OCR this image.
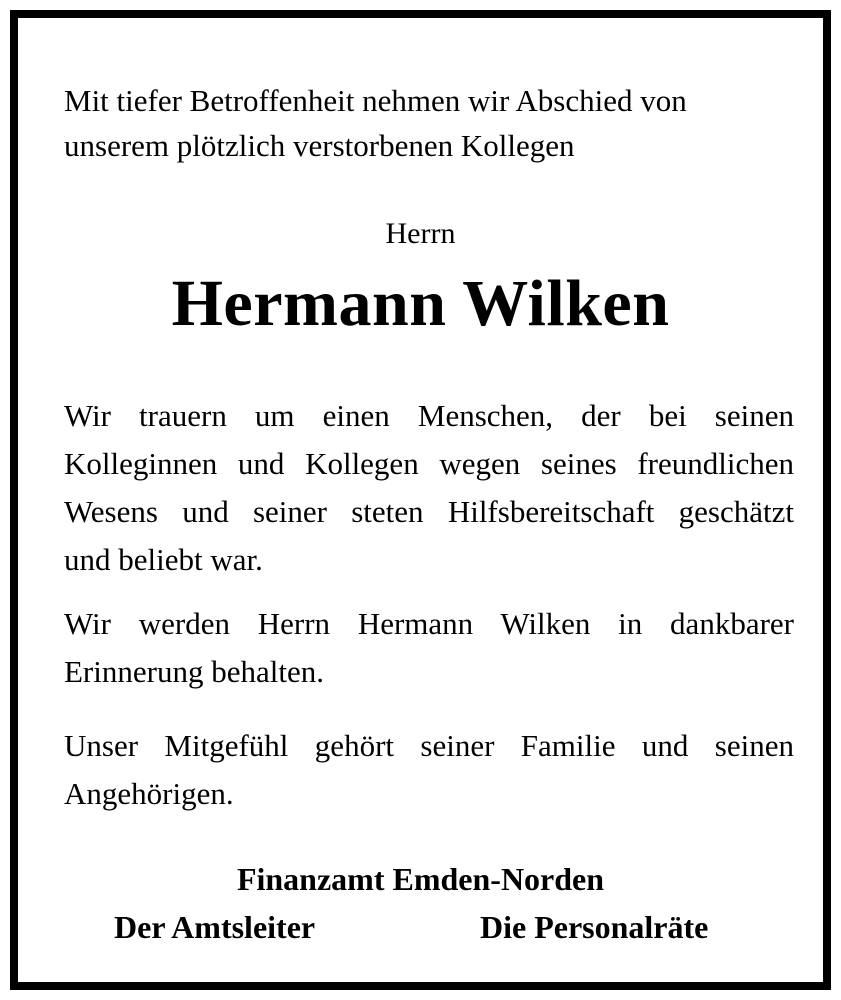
Mit tiefer Betroffenheit nehmen wir Abschied von
unserem plötzlich verstorbenen Kollegen
Herrn
Hermann Wilken
Wir trauern um einen Menschen, der bei seinen
Kolleginnen und Kollegen wegen seines freundlichen
Wesens und seiner steten Hilfsbereitschaft geschätzt
und beliebt war.
Wir werden Herrn Hermann Wilken in dankbarer
Erinnerung behalten.
Unser Mitgefühl gehört seiner Familie und seinen
Angehörigen.
Finanzamt Emden-Norden
Der Amtsleiter	Die Personalräte
